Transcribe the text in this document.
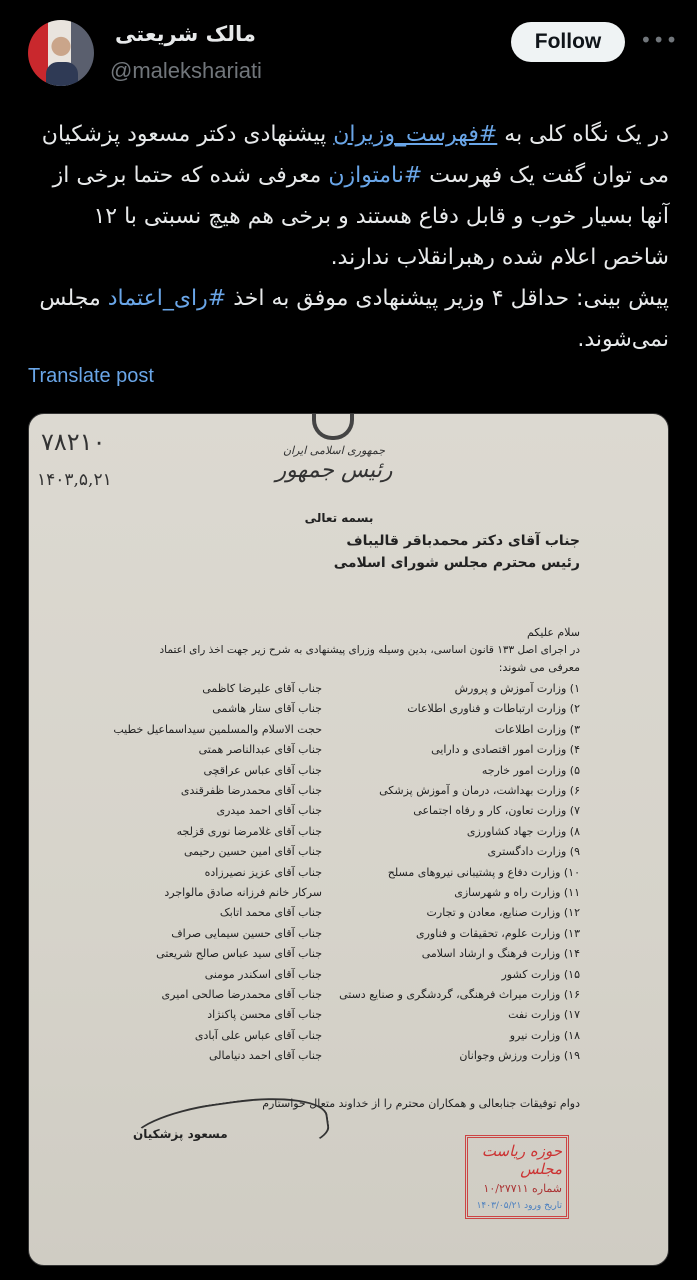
مالک شریعتی
@malekshariati
Follow	•••

در یک نگاه کلی به #فهرست_وزیران پیشنهادی دکتر مسعود پزشکیان می توان گفت یک فهرست #نامتوازن معرفی شده که حتما برخی از آنها بسیار خوب و قابل دفاع هستند و برخی هم هیچ نسبتی با ۱۲ شاخص اعلام شده رهبرانقلاب ندارند.

پیش بینی: حداقل ۴ وزیر پیشنهادی موفق به اخذ #رای_اعتماد مجلس نمی‌شوند.

Translate post
۷۸۲۱۰
۱۴۰۳,۵,۲۱
جمهوری اسلامی ایران
رئیس جمهور
بسمه تعالی
جناب آقای دکتر محمدباقر قالیباف
رئیس محترم مجلس شورای اسلامی
سلام علیکم
در اجرای اصل ۱۳۳ قانون اساسی، بدین وسیله وزرای پیشنهادی به شرح زیر جهت اخذ رای اعتماد
معرفی می شوند:
۱) وزارت آموزش و پرورش
۲) وزارت ارتباطات و فناوری اطلاعات
۳) وزارت اطلاعات
۴) وزارت امور اقتصادی و دارایی
۵) وزارت امور خارجه
۶) وزارت بهداشت، درمان و آموزش پزشکی
۷) وزارت تعاون، کار و رفاه اجتماعی
۸) وزارت جهاد کشاورزی
۹) وزارت دادگستری
۱۰) وزارت دفاع و پشتیبانی نیروهای مسلح
۱۱) وزارت راه و شهرسازی
۱۲) وزارت صنایع، معادن و تجارت
۱۳) وزارت علوم، تحقیقات و فناوری
۱۴) وزارت فرهنگ و ارشاد اسلامی
۱۵) وزارت کشور
۱۶) وزارت میراث فرهنگی، گردشگری و صنایع دستی
۱۷) وزارت نفت
۱۸) وزارت نیرو
۱۹) وزارت ورزش وجوانان
جناب آقای علیرضا کاظمی
جناب آقای ستار هاشمی
حجت الاسلام والمسلمین سیداسماعیل خطیب
جناب آقای عبدالناصر همتی
جناب آقای عباس عراقچی
جناب آقای محمدرضا ظفرقندی
جناب آقای احمد میدری
جناب آقای غلامرضا نوری قزلجه
جناب آقای امین حسین رحیمی
جناب آقای عزیز نصیرزاده
سرکار خانم فرزانه صادق مالواجرد
جناب آقای محمد اتابک
جناب آقای حسین سیمایی صراف
جناب آقای سید عباس صالح شریعتی
جناب آقای اسکندر مومنی
جناب آقای محمدرضا صالحی امیری
جناب آقای محسن پاکنژاد
جناب آقای عباس علی آبادی
جناب آقای احمد دنیامالی
دوام توفیقات جنابعالی و همکاران محترم را از خداوند متعال خواستارم
مسعود پزشکیان
حوزه ریاست مجلس
شماره ۱۰/۲۷۷۱۱
تاریخ ورود ۱۴۰۳/۰۵/۲۱
